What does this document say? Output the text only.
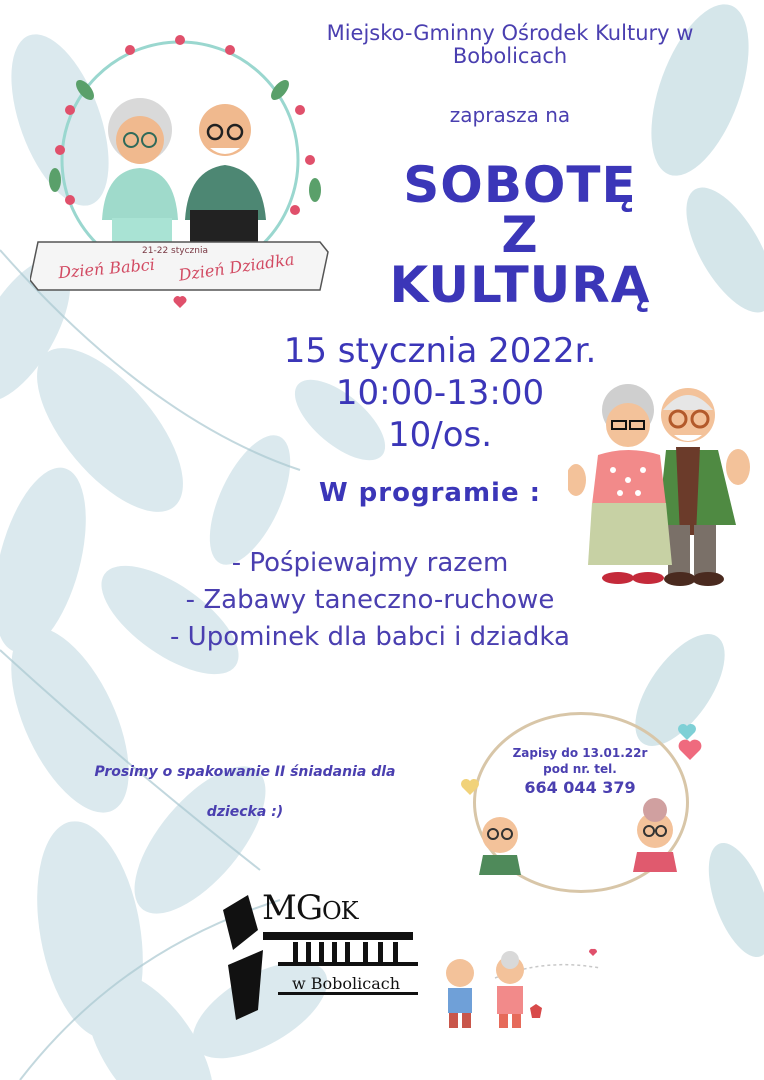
21-22 stycznia
Dzień Babci	Dzień Dziadka
Miejsko-Gminny Ośrodek Kultury w
Bobolicach
zaprasza na
SOBOTĘ
Z
KULTURĄ
15 stycznia 2022r.
10:00-13:00
10/os.
W programie :
- Pośpiewajmy razem
- Zabawy taneczno-ruchowe
- Upominek dla babci i dziadka
Prosimy o spakowanie II śniadania dla
dziecka :)
Zapisy do 13.01.22r
pod nr. tel.
664 044 379
MGOK
w Bobolicach
